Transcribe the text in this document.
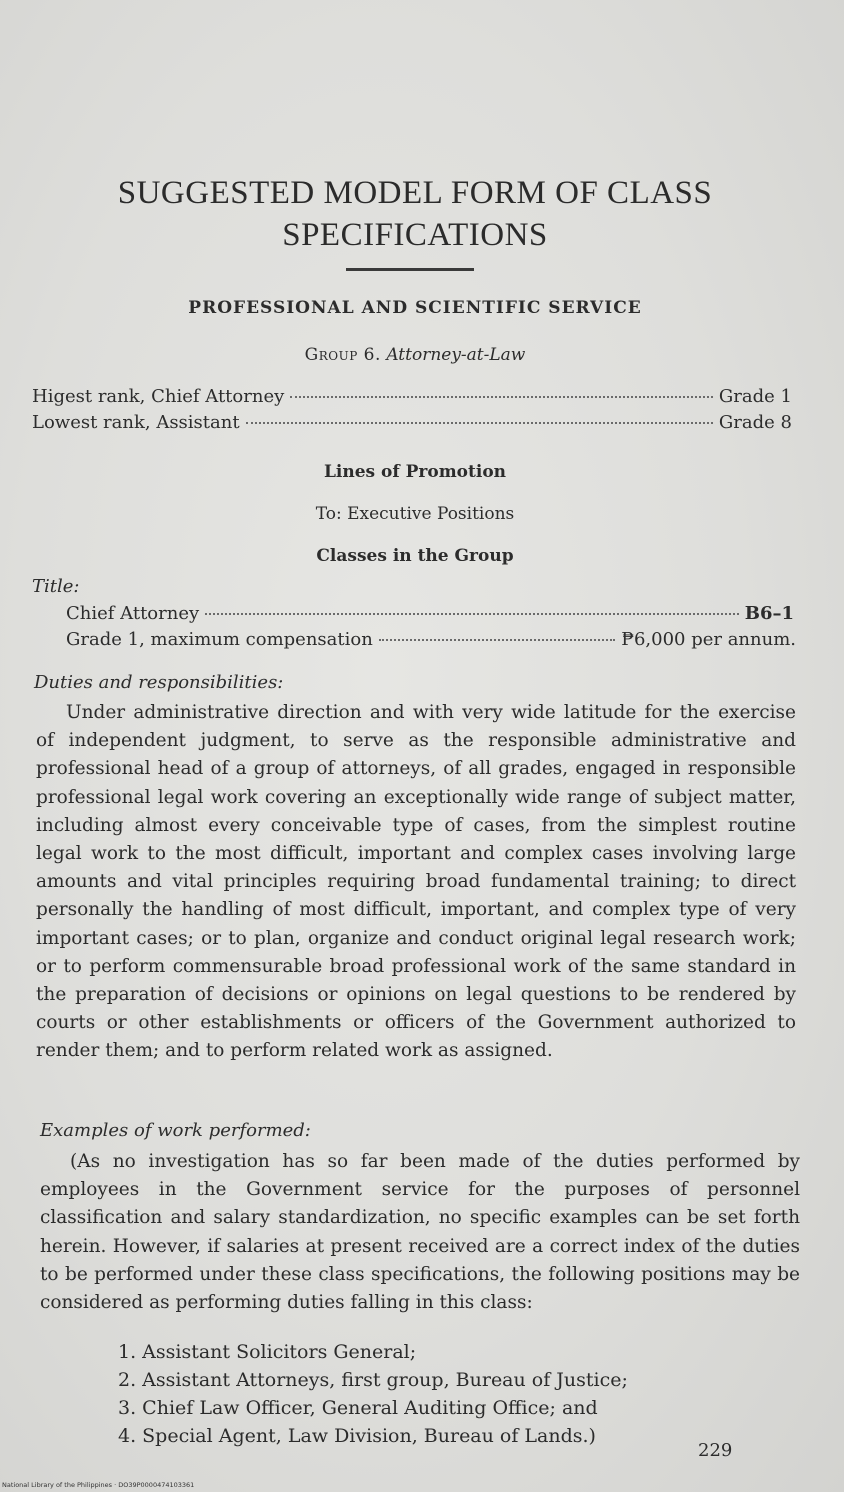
SUGGESTED MODEL FORM OF CLASS SPECIFICATIONS
PROFESSIONAL AND SCIENTIFIC SERVICE
Group 6. Attorney-at-Law
Higest rank, Chief Attorney	Grade 1
Lowest rank, Assistant	Grade 8
Lines of Promotion
To: Executive Positions
Classes in the Group
Title:
Chief Attorney	B6–1
Grade 1, maximum compensation	₱6,000 per annum.
Duties and responsibilities:

Under administrative direction and with very wide latitude for the exercise of independent judgment, to serve as the responsible administrative and professional head of a group of attorneys, of all grades, engaged in responsible professional legal work covering an exceptionally wide range of subject matter, including almost every conceivable type of cases, from the simplest routine legal work to the most difficult, important and complex cases involving large amounts and vital principles requiring broad fundamental training; to direct personally the handling of most difficult, important, and complex type of very important cases; or to plan, organize and conduct original legal research work; or to perform commensurable broad professional work of the same standard in the preparation of decisions or opinions on legal questions to be rendered by courts or other establishments or officers of the Government authorized to render them; and to perform related work as assigned.

Examples of work performed:

(As no investigation has so far been made of the duties performed by employees in the Government service for the purposes of personnel classification and salary standardization, no specific examples can be set forth herein. However, if salaries at present received are a correct index of the duties to be performed under these class specifications, the following positions may be considered as performing duties falling in this class:

1. Assistant Solicitors General;
2. Assistant Attorneys, first group, Bureau of Justice;
3. Chief Law Officer, General Auditing Office; and
4. Special Agent, Law Division, Bureau of Lands.)
229
National Library of the Philippines · DO39P0000474103361
